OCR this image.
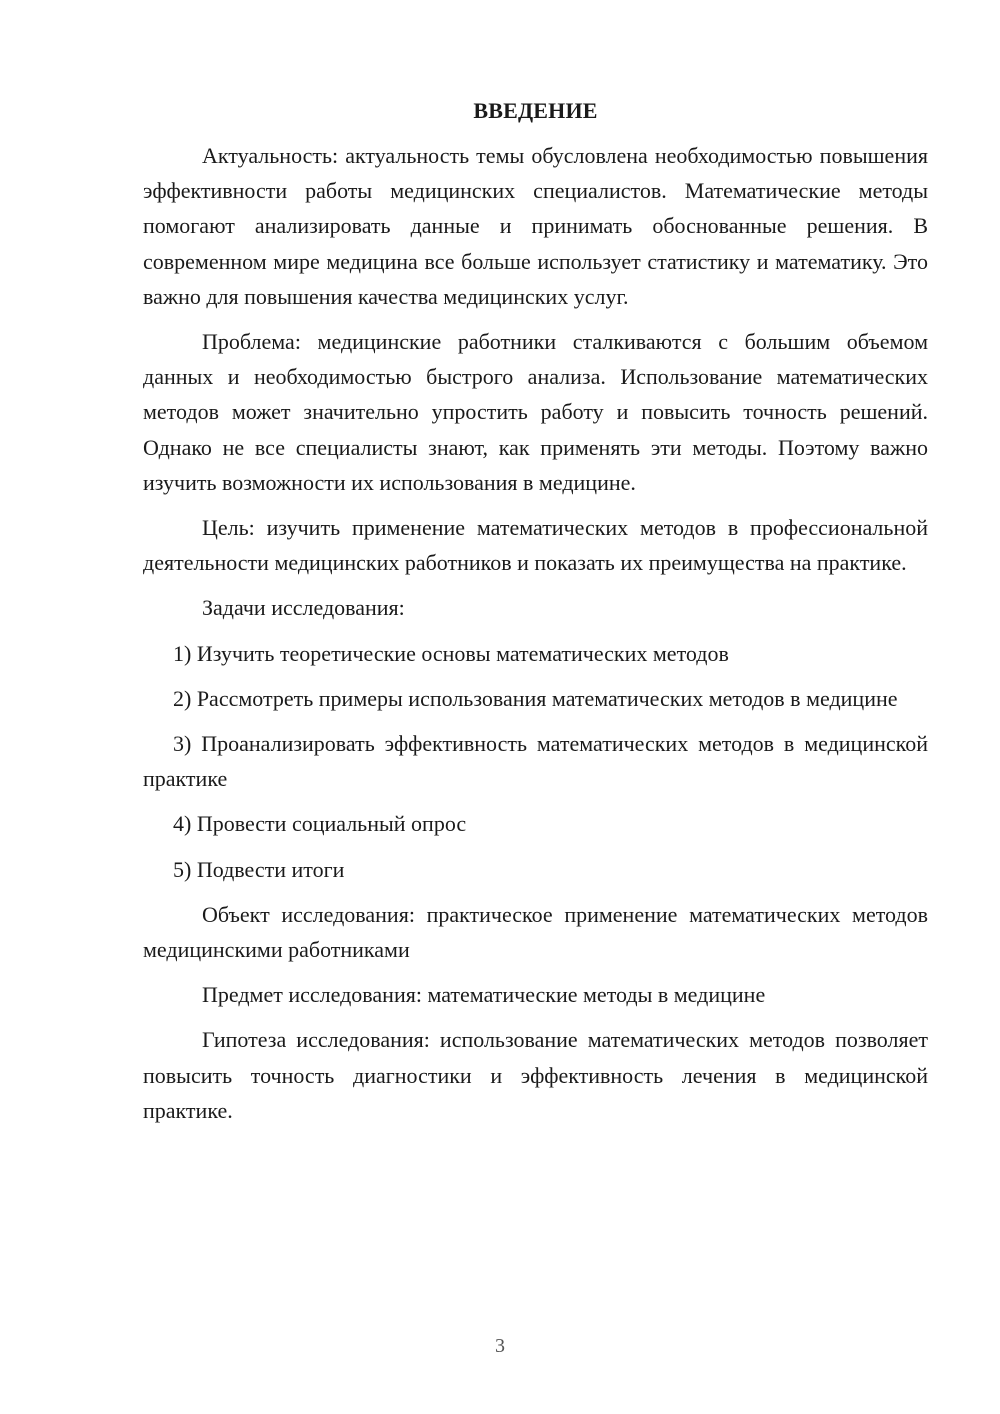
ВВЕДЕНИЕ

Актуальность: актуальность темы обусловлена необходимостью повышения эффективности работы медицинских специалистов. Математические методы помогают анализировать данные и принимать обоснованные решения. В современном мире медицина все больше использует статистику и математику. Это важно для повышения качества медицинских услуг.

Проблема: медицинские работники сталкиваются с большим объемом данных и необходимостью быстрого анализа. Использование математических методов может значительно упростить работу и повысить точность решений. Однако не все специалисты знают, как применять эти методы. Поэтому важно изучить возможности их использования в медицине.

Цель: изучить применение математических методов в профессиональной деятельности медицинских работников и показать их преимущества на практике.

Задачи исследования:

1) Изучить теоретические основы математических методов

2) Рассмотреть примеры использования математических методов в медицине

3) Проанализировать эффективность математических методов в медицинской практике

4) Провести социальный опрос

5) Подвести итоги

Объект исследования: практическое применение математических методов медицинскими работниками

Предмет исследования: математические методы в медицине

Гипотеза исследования: использование математических методов позволяет повысить точность диагностики и эффективность лечения в медицинской практике.

3
